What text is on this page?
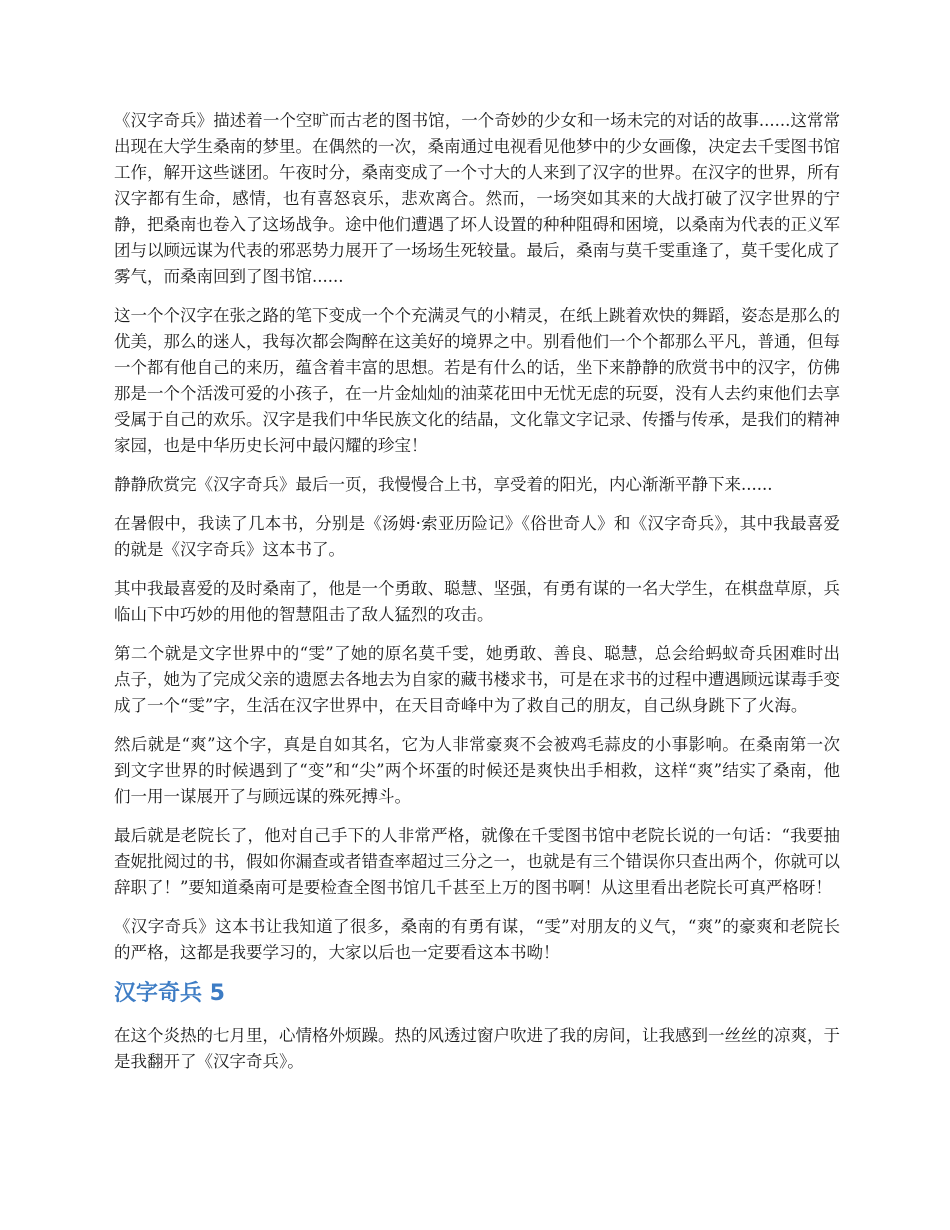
《汉字奇兵》描述着一个空旷而古老的图书馆，一个奇妙的少女和一场未完的对话的故事......这常常出现在大学生桑南的梦里。在偶然的一次，桑南通过电视看见他梦中的少女画像，决定去千雯图书馆工作，解开这些谜团。午夜时分，桑南变成了一个寸大的人来到了汉字的世界。在汉字的世界，所有汉字都有生命，感情，也有喜怒哀乐，悲欢离合。然而，一场突如其来的大战打破了汉字世界的宁静，把桑南也卷入了这场战争。途中他们遭遇了坏人设置的种种阻碍和困境，以桑南为代表的正义军团与以顾远谋为代表的邪恶势力展开了一场场生死较量。最后，桑南与莫千雯重逢了，莫千雯化成了雾气，而桑南回到了图书馆......

这一个个汉字在张之路的笔下变成一个个充满灵气的小精灵，在纸上跳着欢快的舞蹈，姿态是那么的优美，那么的迷人，我每次都会陶醉在这美好的境界之中。别看他们一个个都那么平凡，普通，但每一个都有他自己的来历，蕴含着丰富的思想。若是有什么的话，坐下来静静的欣赏书中的汉字，仿佛那是一个个活泼可爱的小孩子，在一片金灿灿的油菜花田中无忧无虑的玩耍，没有人去约束他们去享受属于自己的欢乐。汉字是我们中华民族文化的结晶，文化靠文字记录、传播与传承，是我们的精神家园，也是中华历史长河中最闪耀的珍宝！

静静欣赏完《汉字奇兵》最后一页，我慢慢合上书，享受着的阳光，内心渐渐平静下来......

在暑假中，我读了几本书，分别是《汤姆·索亚历险记》《俗世奇人》和《汉字奇兵》，其中我最喜爱的就是《汉字奇兵》这本书了。

其中我最喜爱的及时桑南了，他是一个勇敢、聪慧、坚强，有勇有谋的一名大学生，在棋盘草原，兵临山下中巧妙的用他的智慧阻击了敌人猛烈的攻击。

第二个就是文字世界中的“雯”了她的原名莫千雯，她勇敢、善良、聪慧，总会给蚂蚁奇兵困难时出点子，她为了完成父亲的遗愿去各地去为自家的藏书楼求书，可是在求书的过程中遭遇顾远谋毒手变成了一个“雯”字，生活在汉字世界中，在天目奇峰中为了救自己的朋友，自己纵身跳下了火海。

然后就是“爽”这个字，真是自如其名，它为人非常豪爽不会被鸡毛蒜皮的小事影响。在桑南第一次到文字世界的时候遇到了“变”和“尖”两个坏蛋的时候还是爽快出手相救，这样“爽”结实了桑南，他们一用一谋展开了与顾远谋的殊死搏斗。

最后就是老院长了，他对自己手下的人非常严格，就像在千雯图书馆中老院长说的一句话：“我要抽查妮批阅过的书，假如你漏查或者错查率超过三分之一，也就是有三个错误你只查出两个，你就可以辞职了！”要知道桑南可是要检查全图书馆几千甚至上万的图书啊！从这里看出老院长可真严格呀！

《汉字奇兵》这本书让我知道了很多，桑南的有勇有谋，“雯”对朋友的义气，“爽”的豪爽和老院长的严格，这都是我要学习的，大家以后也一定要看这本书呦！

汉字奇兵 5

在这个炎热的七月里，心情格外烦躁。热的风透过窗户吹进了我的房间，让我感到一丝丝的凉爽，于是我翻开了《汉字奇兵》。
